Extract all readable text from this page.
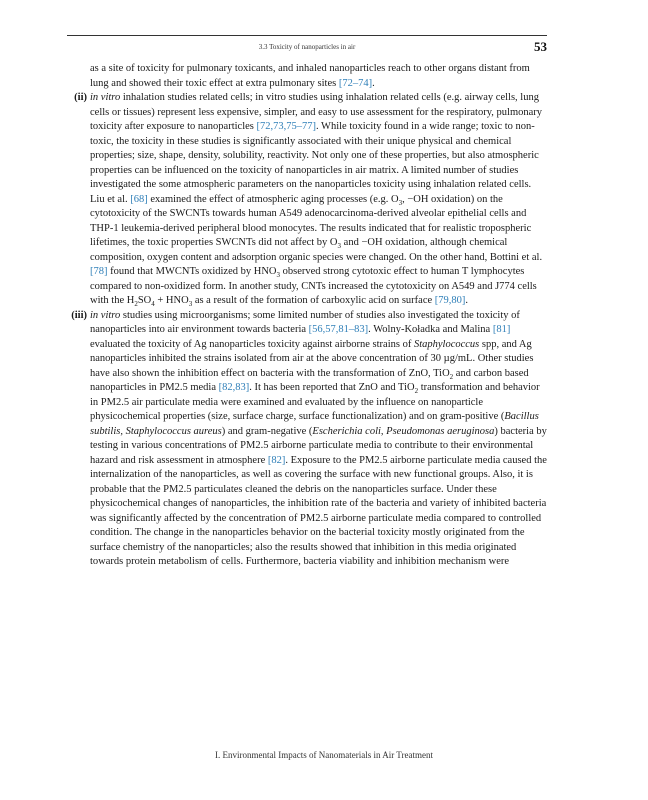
3.3 Toxicity of nanoparticles in air	53

as a site of toxicity for pulmonary toxicants, and inhaled nanoparticles reach to other organs distant from lung and showed their toxic effect at extra pulmonary sites [72–74].

(ii) in vitro inhalation studies related cells; in vitro studies using inhalation related cells (e.g. airway cells, lung cells or tissues) represent less expensive, simpler, and easy to use assessment for the respiratory, pulmonary toxicity after exposure to nanoparticles [72,73,75–77]. While toxicity found in a wide range; toxic to non-toxic, the toxicity in these studies is significantly associated with their unique physical and chemical properties; size, shape, density, solubility, reactivity. Not only one of these properties, but also atmospheric properties can be influenced on the toxicity of nanoparticles in air matrix. A limited number of studies investigated the some atmospheric parameters on the nanoparticles toxicity using inhalation related cells. Liu et al. [68] examined the effect of atmospheric aging processes (e.g. $O_3$, −OH oxidation) on the cytotoxicity of the SWCNTs towards human A549 adenocarcinoma-derived alveolar epithelial cells and THP-1 leukemia-derived peripheral blood monocytes. The results indicated that for realistic tropospheric lifetimes, the toxic properties SWCNTs did not affect by $O_3$ and −OH oxidation, although chemical composition, oxygen content and adsorption organic species were changed. On the other hand, Bottini et al. [78] found that MWCNTs oxidized by $HNO_3$ observed strong cytotoxic effect to human T lymphocytes compared to non-oxidized form. In another study, CNTs increased the cytotoxicity on A549 and J774 cells with the $H_2SO_4 + HNO_3$ as a result of the formation of carboxylic acid on surface [79,80].

(iii) in vitro studies using microorganisms; some limited number of studies also investigated the toxicity of nanoparticles into air environment towards bacteria [56,57,81–83]. Wolny-Koładka and Malina [81] evaluated the toxicity of Ag nanoparticles toxicity against airborne strains of Staphylococcus spp, and Ag nanoparticles inhibited the strains isolated from air at the above concentration of 30 µg/mL. Other studies have also shown the inhibition effect on bacteria with the transformation of ZnO, TiO$_2$ and carbon based nanoparticles in PM2.5 media [82,83]. It has been reported that ZnO and TiO$_2$ transformation and behavior in PM2.5 air particulate media were examined and evaluated by the influence on nanoparticle physicochemical properties (size, surface charge, surface functionalization) and on gram-positive (Bacillus subtilis, Staphylococcus aureus) and gram-negative (Escherichia coli, Pseudomonas aeruginosa) bacteria by testing in various concentrations of PM2.5 airborne particulate media to contribute to their environmental hazard and risk assessment in atmosphere [82]. Exposure to the PM2.5 airborne particulate media caused the internalization of the nanoparticles, as well as covering the surface with new functional groups. Also, it is probable that the PM2.5 particulates cleaned the debris on the nanoparticles surface. Under these physicochemical changes of nanoparticles, the inhibition rate of the bacteria and variety of inhibited bacteria was significantly affected by the concentration of PM2.5 airborne particulate media compared to controlled condition. The change in the nanoparticles behavior on the bacterial toxicity mostly originated from the surface chemistry of the nanoparticles; also the results showed that inhibition in this media originated towards protein metabolism of cells. Furthermore, bacteria viability and inhibition mechanism were

I. Environmental Impacts of Nanomaterials in Air Treatment
